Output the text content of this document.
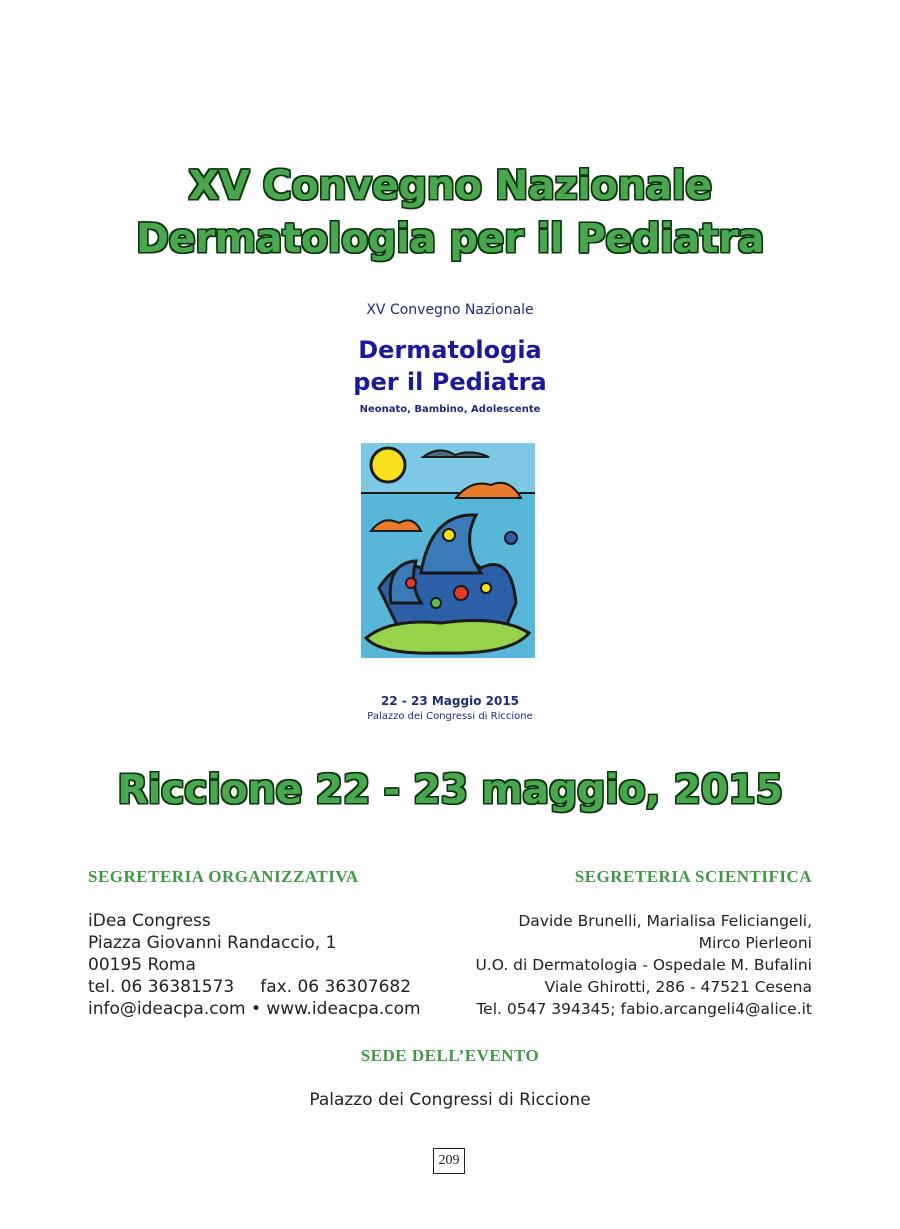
XV Convegno Nazionale
Dermatologia per il Pediatra
XV Convegno Nazionale
Dermatologia
per il Pediatra
Neonato, Bambino, Adolescente
22 - 23 Maggio 2015
Palazzo dei Congressi di Riccione
Riccione 22 - 23 maggio, 2015
SEGRETERIA ORGANIZZATIVA	SEGRETERIA SCIENTIFICA
iDea Congress
Piazza Giovanni Randaccio, 1
00195 Roma
tel. 06 36381573 fax. 06 36307682
info@ideacpa.com • www.ideacpa.com
Davide Brunelli, Marialisa Feliciangeli,
Mirco Pierleoni
U.O. di Dermatologia - Ospedale M. Bufalini
Viale Ghirotti, 286 - 47521 Cesena
Tel. 0547 394345; fabio.arcangeli4@alice.it
SEDE DELL’EVENTO
Palazzo dei Congressi di Riccione
209
